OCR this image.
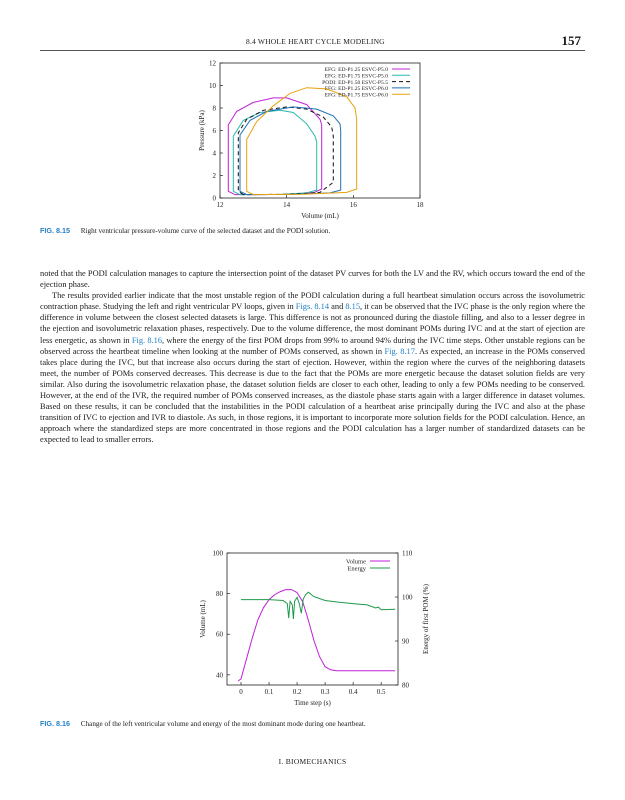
8.4 WHOLE HEART CYCLE MODELING	157
12	14	16	18
0
2
4
6
8
10
12
Volume (mL)
Pressure (kPa)
EFG: ED-P1.25 ESVC-P5.0
EFG: ED-P1.75 ESVC-P5.0
PODI: ED-P1.50 ESVC-P5.5
EFG: ED-P1.25 ESVC-P6.0
EFG: ED-P1.75 ESVC-P6.0
FIG. 8.15 Right ventricular pressure-volume curve of the selected dataset and the PODI solution.

noted that the PODI calculation manages to capture the intersection point of the dataset PV curves for both the LV and the RV, which occurs toward the end of the ejection phase.

The results provided earlier indicate that the most unstable region of the PODI calculation during a full heartbeat simulation occurs across the isovolumetric contraction phase. Studying the left and right ventricular PV loops, given in Figs. 8.14 and 8.15, it can be observed that the IVC phase is the only region where the difference in volume between the closest selected datasets is large. This difference is not as pronounced during the diastole filling, and also to a lesser degree in the ejection and isovolumetric relaxation phases, respectively. Due to the volume difference, the most dominant POMs during IVC and at the start of ejection are less energetic, as shown in Fig. 8.16, where the energy of the first POM drops from 99% to around 94% during the IVC time steps. Other unstable regions can be observed across the heartbeat timeline when looking at the number of POMs conserved, as shown in Fig. 8.17. As expected, an increase in the POMs conserved takes place during the IVC, but that increase also occurs during the start of ejection. However, within the region where the curves of the neighboring datasets meet, the number of POMs conserved decreases. This decrease is due to the fact that the POMs are more energetic because the dataset solution fields are very similar. Also during the isovolumetric relaxation phase, the dataset solution fields are closer to each other, leading to only a few POMs needing to be conserved. However, at the end of the IVR, the required number of POMs conserved increases, as the diastole phase starts again with a larger difference in dataset volumes. Based on these results, it can be concluded that the instabilities in the PODI calculation of a heartbeat arise principally during the IVC and also at the phase transition of IVC to ejection and IVR to diastole. As such, in those regions, it is important to incorporate more solution fields for the PODI calculation. Hence, an approach where the standardized steps are more concentrated in those regions and the PODI calculation has a larger number of standardized datasets can be expected to lead to smaller errors.

0	0.1	0.2	0.3	0.4	0.5
40
60
80
100
80
90
100
110
Time step (s)
Volume (mL)	Energy of first POM (%)
Volume
Energy
FIG. 8.16 Change of the left ventricular volume and energy of the most dominant mode during one heartbeat.
I. BIOMECHANICS
